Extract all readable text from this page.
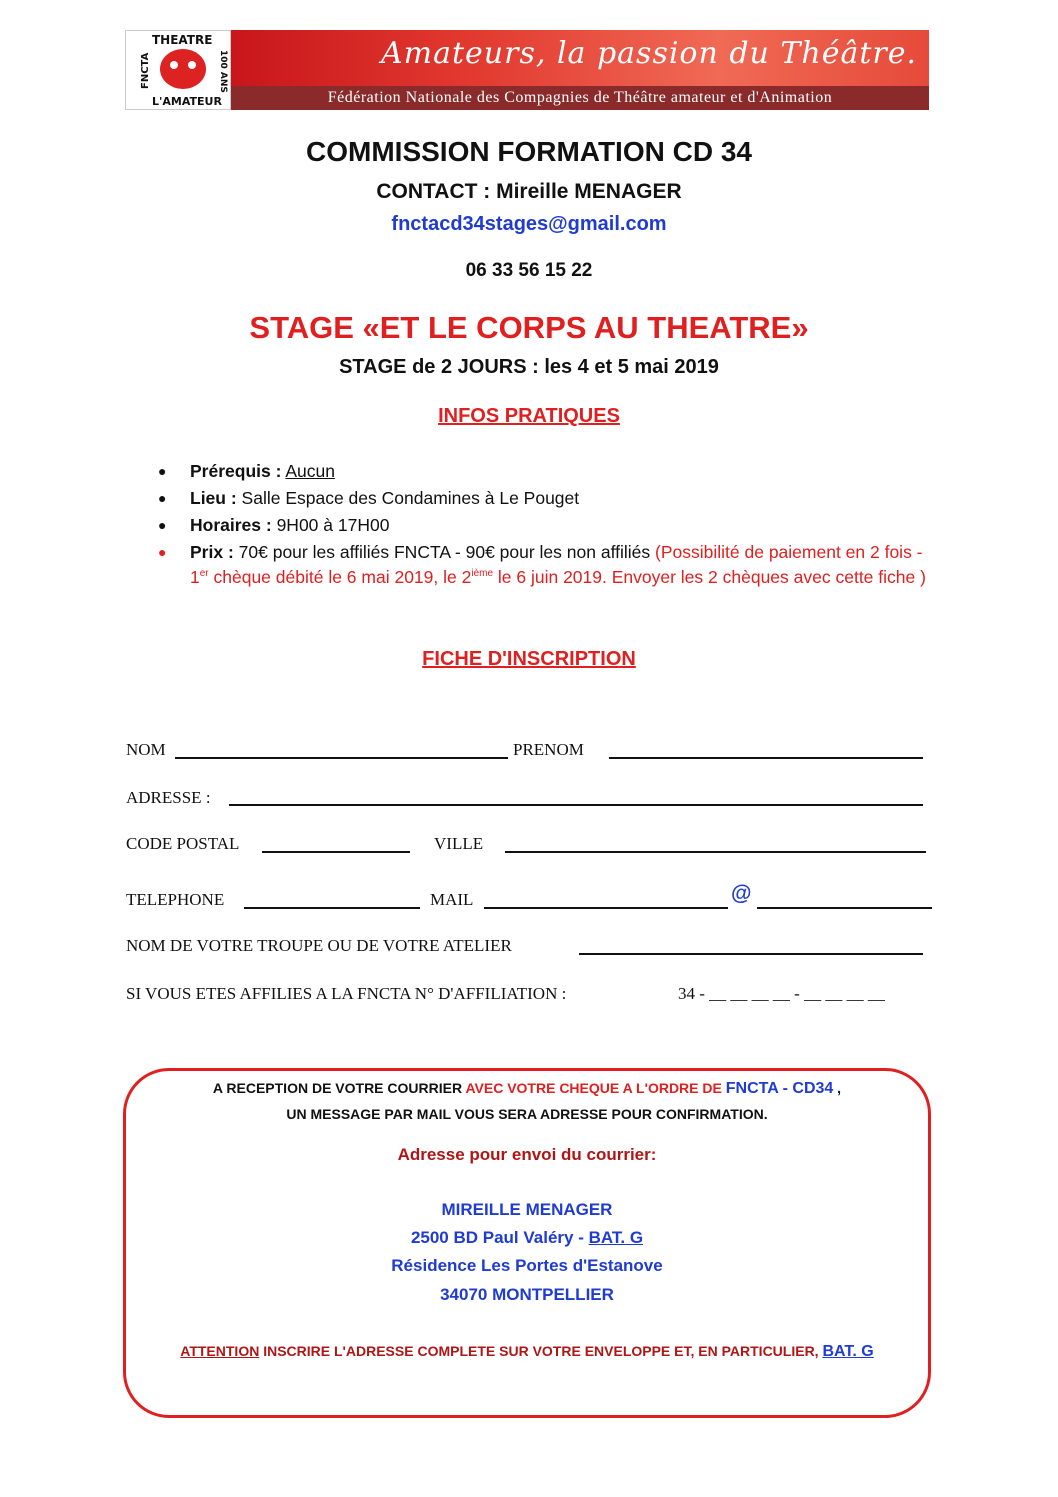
FNCTA
THEATRE
L'AMATEUR
100 ANS	Amateurs, la passion du Théâtre.
Fédération Nationale des Compagnies de Théâtre amateur et d'Animation
COMMISSION FORMATION CD 34
CONTACT : Mireille MENAGER
fnctacd34stages@gmail.com
06 33 56 15 22
STAGE «ET LE CORPS AU THEATRE»
STAGE de 2 JOURS : les 4 et 5 mai 2019
INFOS PRATIQUES
● Prérequis : Aucun
● Lieu : Salle Espace des Condamines à Le Pouget
● Horaires : 9H00 à 17H00
● Prix : 70€ pour les affiliés FNCTA - 90€ pour les non affiliés (Possibilité de paiement en 2 fois - 1er chèque débité le 6 mai 2019, le 2ième le 6 juin 2019. Envoyer les 2 chèques avec cette fiche )
FICHE D'INSCRIPTION
NOM	PRENOM
ADRESSE :
CODE POSTAL	VILLE
TELEPHONE	MAIL	@
NOM DE VOTRE TROUPE OU DE VOTRE ATELIER
SI VOUS ETES AFFILIES A LA FNCTA N° D'AFFILIATION :	34 - __ __ __ __ - __ __ __ __
A RECEPTION DE VOTRE COURRIER AVEC VOTRE CHEQUE A L'ORDRE DE FNCTA - CD34 ,
UN MESSAGE PAR MAIL VOUS SERA ADRESSE POUR CONFIRMATION.
Adresse pour envoi du courrier:
MIREILLE MENAGER
2500 BD Paul Valéry - BAT. G
Résidence Les Portes d'Estanove
34070 MONTPELLIER
ATTENTION INSCRIRE L'ADRESSE COMPLETE SUR VOTRE ENVELOPPE ET, EN PARTICULIER, BAT. G
